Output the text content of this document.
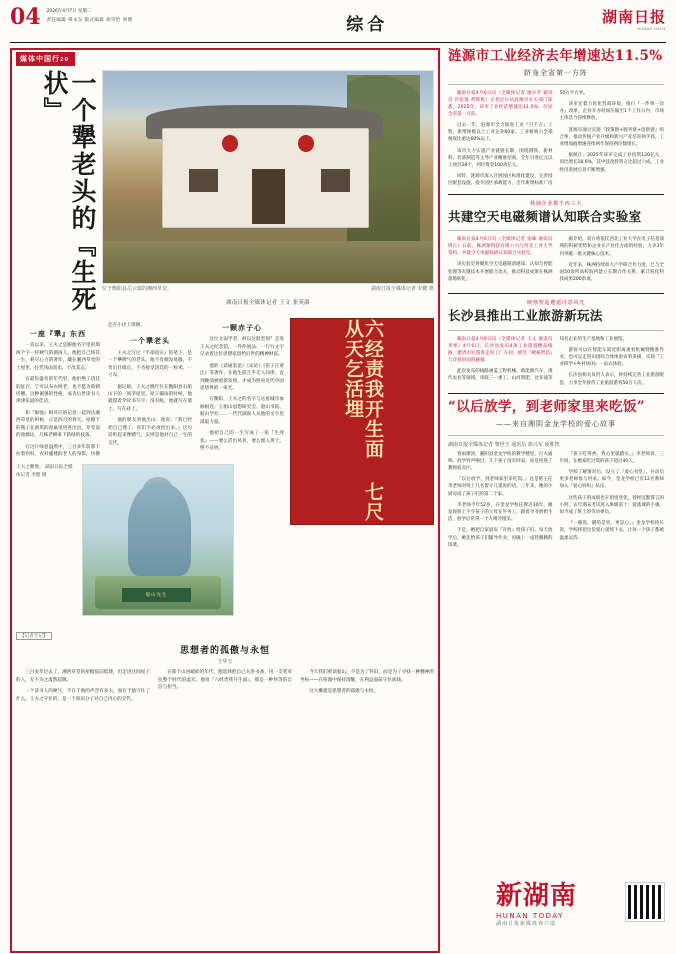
04 2026年4月7日 星期二
责任编辑 谭永东 版式编辑 胡雪怡 周倜	综合	湖南日报
HUNAN DAILY
媒体中国行20
一个犟老头的『生死状』
位于衡阳县岳云镇的湘西草堂。	湖南日报全媒体记者 李健 摄
湖南日报全媒体记者 王文 张英淑
六经责我开生面 七尺从天乞活埋
一座『犟』东西

一直以来，王夫之是跟他名字里的那两个字一样硬气的湖南人。他把自己终其一生、耗尽心力的著作，藏在湘西草堂的土屋里，任凭风雨雷电，不改其志。

在最负盛名的年代里，他拒绝了清廷的征召，宁可以布衣终老，也不愿为新朝折腰。这种倔强的性格，成为后世读书人津津乐道的佳话。

和『倔强』相对应的记者一起到达湘西草堂的时候，正是四月的春天，屋檐下的燕子在新筑的泥巢里进进出出，草堂前的池塘边，几株老柳垂下新绿的枝条。

在这片绿意盎然中，三百多年前那个拄着拐杖、衣衫褴褛的老人的身影，仿佛还在小径上徘徊。

一个犟老头

王夫之写这『半部真实』的笔下，是一个犟脾气的老头。他不肯剃发易服，不肯出仕做官，不肯接受清廷的一粒米、一寸布。

据记载，王夫之晚年住在衡阳县石船山下的一间茅屋里，屋子漏雨的时候，他就撑着伞读书写字；没有纸，他就写在墙上、写在砖上。

他的朋友劝他出山，他说：『我已经把自己埋了，你们不必再挖出来。』这句话听起来像赌气，实则是他对自己一生的交代。

一颗赤子心

这位文弱学者，何以这般坚韧？走进王夫之纪念馆，一件件展品、一行行文字记录着这位思想家留给后世的精神财富。

他的《读通鉴论》《宋论》《张子正蒙注》等著作，在他生前几乎无人问津，直到晚清被重新发现，才成为照亮近代中国思想界的一束光。

在衡阳，王夫之的名字与这座城市血脉相连。王船山思想研究会、船山书院、船山学社……一代代湖南人从他的文字里汲取力量。

他把自己的一生写成了一张『生死状』——要么活出风骨，要么埋入黄土，绝不妥协。

王夫之雕像。 湖南日报全媒体记者 李健 摄
船山先生
【记者手记】
思想者的孤傲与永恒
王华玉

三百多年过去了，湘西草堂的屋檐依旧低矮，但走进这间屋子的人，无不为之肃然起敬。

一个读书人的硬气，不在于他的声音有多大，而在于他守住了什么。王夫之守住的，是一个知识分子对自己内心的交代。

在那个山河破碎的年代，他选择把自己关进书斋，用一支笔对抗整个时代的虚无。他说『六经责我开生面』，那是一种何等的自信与担当。

今天我们重读船山，不是为了怀旧，而是为了寻找一种精神的坐标——在喧嚣中保持清醒，在利益面前守住底线。

这大概就是思想者的孤傲与永恒。

涟源市工业经济去年增速达11.5%
跻身全省第一方阵

湖南日报4月6日讯（全媒体记者 谢卓芳 通讯员 肖星群 黄辉辉）记者近日从涟源市有关部门获悉，2025年，该市工业经济增速达11.5%，位居全省第一方阵。

过去一年，涟源市全力推进工业『百千万』工程，新增规模以上工业企业60家，工业税收占全部税收比重达60%以上。

该市大力实施产业链链长制，围绕钢铁、新材料、装备制造等主导产业精准招商，全年引进亿元以上项目28个，到位资金160余亿元。

同时，涟源市深入开展园区标准化建设，完善园区配套设施，提升园区承载能力，全年新增标准厂房50万平方米。

该市还着力优化营商环境，推行『一件事一次办』改革，企业开办时间压缩至1个工作日内，市场主体活力持续释放。

涟源市通过实施『政策链+服务链+创新链』组合拳，推动传统产业升级和新兴产业培育两手抓，工业增加值增速连续两年保持两位数增长。

据统计，2025年该市完成工业投资120亿元，同比增长18.6%，其中技改投资占比超过六成，工业经济发展后劲不断增强。

株洲企业携手西工大
共建空天电磁频谱认知联合实验室

湖南日报4月6日讯（全媒体记者 张咪 通讯员 周正）日前，株洲某科技有限公司与西北工业大学签约，共建空天电磁频谱认知联合实验室。

该实验室将聚焦空天电磁频谱感知、认知与智能处理等关键技术开展联合攻关，推动科技成果在株洲落地转化。

据介绍，双方将依托西北工业大学在电子信息领域的科研优势和企业在产业化方面的经验，力争3年内突破一批关键核心技术。

近年来，株洲持续加大产学研合作力度，已与全国50余所高校院所建立长期合作关系，累计转化科技成果200余项。

硬核智造邂逅诗意风光
长沙县推出工业旅游新玩法

湖南日报4月6日讯（全媒体记者 王文 通讯员 李果）4月6日，长沙县发布4条工业旅游精品线路，邀请市民游客走进工厂车间，感受『硬核智造』与诗意田园的碰撞。

此次发布的线路涵盖工程机械、新能源汽车、现代农业等领域，串联三一重工、山河智能、比亚迪等知名企业的生产基地和工业展馆。

游客可以在智能车间近距离观看机械臂精准作业，也可以走进田园综合体体验农事采摘，实现『工业研学+乡村休闲』一站式体验。

长沙县相关负责人表示，将持续完善工业旅游配套，力争全年接待工业旅游游客50万人次。

“以后放学，到老师家里来吃饭”
——来自湘阴金龙学校的爱心故事
湖南日报全媒体记者 黎世王 通讯员 郭兴军 聂胜智

春雨淅沥，湘阴县金龙学校的教学楼里，灯火通明。放学铃声响过，几个孩子没有回家，而是拐进了教师宿舍区。

『以后放学，到老师家里来吃饭。』这是班主任李老师对班上几名留守儿童说的话。三年来，她的小厨房成了孩子们的第二个家。

李老师今年52岁，在金龙学校任教近30年。她发现班上不少孩子的父母在外务工，跟着爷爷奶奶生活，放学后常常一个人啃冷馒头。

于是，她把自家厨房『开放』给孩子们。每天放学后，她先给孩子们辅导作业，再做上一桌热腾腾的饭菜。

『孩子吃得香，我心里就踏实。』李老师说。三年间，在她家吃过饭的孩子超过40人。

学校了解情况后，设立了『爱心食堂』，并动员更多老师参与进来。如今，金龙学校已有12名教师加入『爱心妈妈』队伍。

这些孩子的成绩也在悄悄变化。曾经沉默寡言的小明，去年期末考试进入班级前十；爱逃课的小强，如今成了班上的劳动委员。

『一顿饭，暖的是胃，更是心。』金龙学校校长说，学校将把这份爱心延续下去，让每一个孩子都被温柔以待。

新湖南
HUNAN TODAY
湖南日报新媒体客户端
